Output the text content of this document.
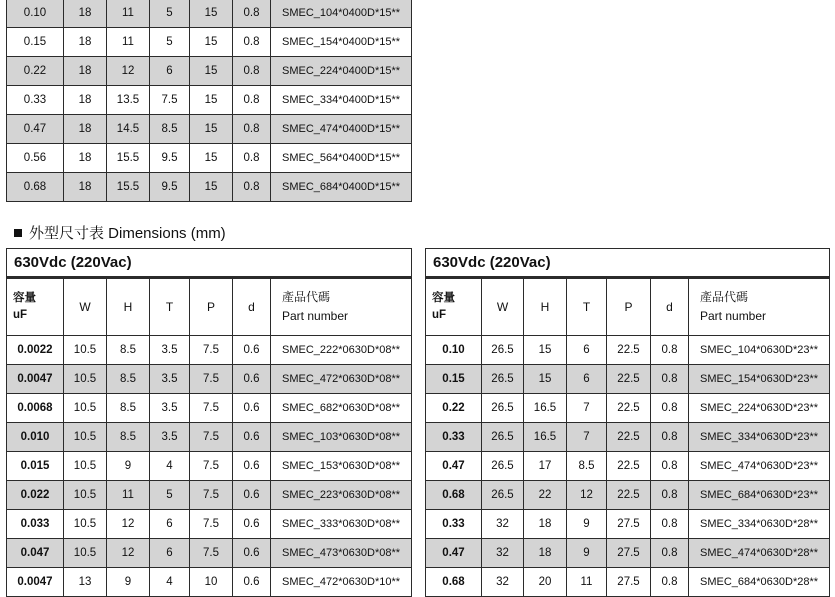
0.10	18	11	5	15	0.8	SMEC_104*0400D*15**
0.15	18	11	5	15	0.8	SMEC_154*0400D*15**
0.22	18	12	6	15	0.8	SMEC_224*0400D*15**
0.33	18	13.5	7.5	15	0.8	SMEC_334*0400D*15**
0.47	18	14.5	8.5	15	0.8	SMEC_474*0400D*15**
0.56	18	15.5	9.5	15	0.8	SMEC_564*0400D*15**
0.68	18	15.5	9.5	15	0.8	SMEC_684*0400D*15**
外型尺寸表 Dimensions (mm)
630Vdc (220Vac)						
容量	W	H	T	P	d	產品代碼
uF						Part number
0.0022	10.5	8.5	3.5	7.5	0.6	SMEC_222*0630D*08**
0.0047	10.5	8.5	3.5	7.5	0.6	SMEC_472*0630D*08**
0.0068	10.5	8.5	3.5	7.5	0.6	SMEC_682*0630D*08**
0.010	10.5	8.5	3.5	7.5	0.6	SMEC_103*0630D*08**
0.015	10.5	9	4	7.5	0.6	SMEC_153*0630D*08**
0.022	10.5	11	5	7.5	0.6	SMEC_223*0630D*08**
0.033	10.5	12	6	7.5	0.6	SMEC_333*0630D*08**
0.047	10.5	12	6	7.5	0.6	SMEC_473*0630D*08**
0.0047	13	9	4	10	0.6	SMEC_472*0630D*10**
630Vdc (220Vac)						
容量	W	H	T	P	d	產品代碼
uF						Part number
0.10	26.5	15	6	22.5	0.8	SMEC_104*0630D*23**
0.15	26.5	15	6	22.5	0.8	SMEC_154*0630D*23**
0.22	26.5	16.5	7	22.5	0.8	SMEC_224*0630D*23**
0.33	26.5	16.5	7	22.5	0.8	SMEC_334*0630D*23**
0.47	26.5	17	8.5	22.5	0.8	SMEC_474*0630D*23**
0.68	26.5	22	12	22.5	0.8	SMEC_684*0630D*23**
0.33	32	18	9	27.5	0.8	SMEC_334*0630D*28**
0.47	32	18	9	27.5	0.8	SMEC_474*0630D*28**
0.68	32	20	11	27.5	0.8	SMEC_684*0630D*28**
